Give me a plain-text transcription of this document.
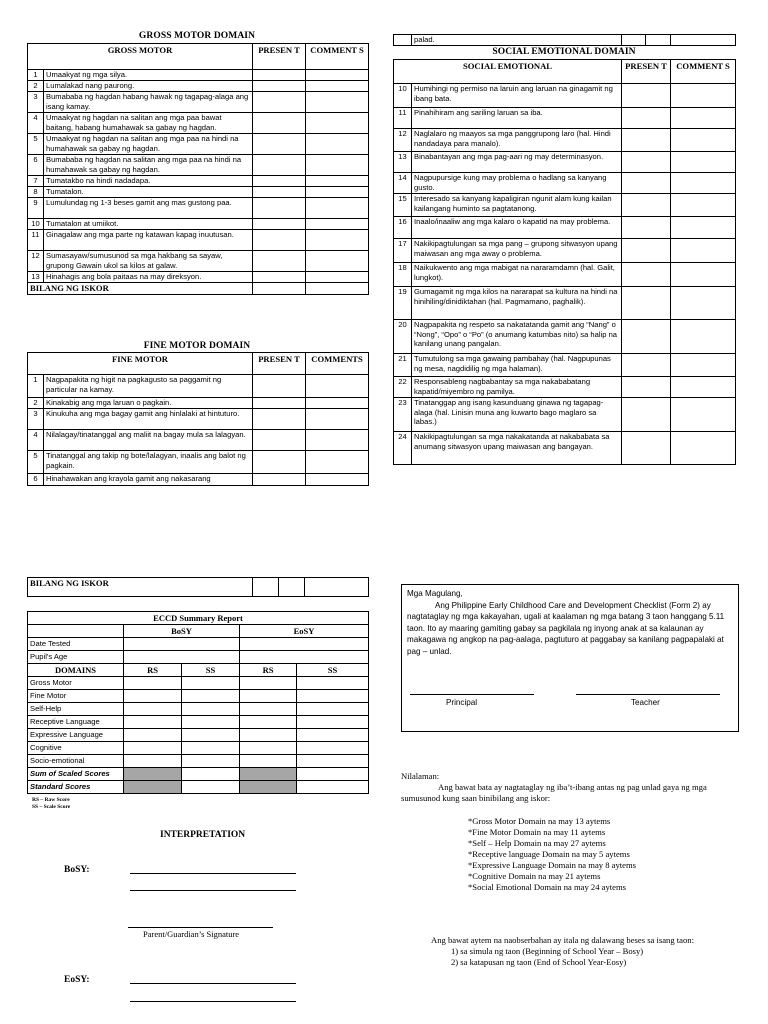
GROSS MOTOR DOMAIN
GROSS MOTOR		PRESEN T	COMMENT S
1	Umaakyat ng mga silya.	

2	Lumalakad nang paurong.	

3	Bumababa ng hagdan habang hawak ng tagapag-alaga ang isang kamay.	

4	Umaakyat ng hagdan na salitan ang mga paa bawat baitang, habang humahawak sa gabay ng hagdan.	

5	Umaakyat ng hagdan na salitan ang mga paa na hindi na humahawak sa gabay ng hagdan.	

6	Bumababa ng hagdan na salitan ang mga paa na hindi na humahawak sa gabay ng hagdan.	

7	Tumatakbo na hindi nadadapa.	

8	Tumatalon.	

9	Lumulundag ng 1-3 beses gamit ang mas gustong paa.	

10	Tumatalon at umiikot.	

11	Ginagalaw ang mga parte ng katawan kapag inuutusan.	

12	Sumasayaw/sumusunod sa mga hakbang sa sayaw, grupong Gawain ukol sa kilos at galaw.	

13	Hinahagis ang bola paitaas na may direksyon.	

BILANG NG ISKOR			
FINE MOTOR DOMAIN
FINE MOTOR		PRESEN T	COMMENTS
1	Nagpapakita ng higit na pagkagusto sa paggamit ng particular na kamay.		
2	Kinakabig ang mga laruan o pagkain.		
3	Kinukuha ang mga bagay gamit ang hinlalaki at hintuturo.		
4	Nilalagay/tinatanggal ang maliit na bagay mula sa lalagyan.		
5	Tinatanggal ang takip ng bote/lalagyan, inaalis ang balot ng pagkain.		
6	Hinahawakan ang krayola gamit ang nakasarang		
BILANG NG ISKOR			
ECCD Summary Report				
	BoSY		EoSY	
Date Tested				
Pupil's Age				
DOMAINS	RS	SS	RS	SS
Gross Motor				
Fine Motor				
Self-Help				
Receptive Language				
Expressive Language				
Cognitive				
Socio-emotional				
Sum of Scaled Scores				
Standard Scores				
RS – Raw Score
SS – Scale Score
INTERPRETATION
BoSY:
Parent/Guardian’s Signature
EoSY:
	palad.			
SOCIAL EMOTIONAL DOMAIN
SOCIAL EMOTIONAL		PRESEN T	COMMENT S
10	Humihingi ng permiso na laruin ang laruan na ginagamit ng ibang bata.		
11	Pinahihiram ang sariling laruan sa iba.		
12	Naglalaro ng maayos sa mga panggrupong laro (hal. Hindi nandadaya para manalo).		
13	Binabantayan ang mga pag-aari ng may determinasyon.		
14	Nagpupursige kung may problema o hadlang sa kanyang gusto.		
15	Interesado sa kanyang kapaligiran ngunit alam kung kailan kailangang huminto sa pagtatanong.		
16	Inaalo/inaaliw ang mga kalaro o kapatid na may problema.		
17	Nakikipagtulungan sa mga pang – grupong sitwasyon upang maiwasan ang mga away o problema.		
18	Naikukwento ang mga mabigat na nararamdamn (hal. Galit, lungkot).		
19	Gumagamit ng mga kilos na nararapat sa kultura na hindi na hinihiling/dinidiktahan (hal. Pagmamano, paghalik).		
20	Nagpapakita ng respeto sa nakatatanda gamit ang “Nang” o “Nong”, “Opo” o “Po” (o anumang katumbas nito) sa halip na kanilang unang pangalan.		
21	Tumutulong sa mga gawaing pambahay (hal. Nagpupunas ng mesa, nagdidilig ng mga halaman).		
22	Responsableng nagbabantay sa mga nakababatang kapatid/miyembro ng pamilya.		
23	Tinatanggap ang isang kasunduang ginawa ng tagapag-alaga (hal. Linisin muna ang kuwarto bago maglaro sa labas.)		
24	Nakikipagtulungan sa mga nakakatanda at nakababata sa anumang sitwasyon upang maiwasan ang bangayan.		

Mga Magulang,

Ang Philippine Early Childhood Care and Development Checklist (Form 2) ay nagtataglay ng mga kakayahan, ugali at kaalaman ng mga batang 3 taon hanggang 5.11 taon. Ito ay maaring gamiting gabay sa pagkilala ng inyong anak at sa kalaunan ay makagawa ng angkop na pag-aalaga, pagtuturo at paggabay sa kanilang pagpapalaki at pag – unlad.

Principal	Teacher
Nilalaman:
Ang bawat bata ay nagtataglay ng iba’t-ibang antas ng pag unlad gaya ng mga sumusunod kung saan binibilang ang iskor:
*Gross Motor Domain na may 13 aytems
*Fine Motor Domain na may 11 aytems
*Self – Help Domain na may 27 aytems
*Receptive language Domain na may 5 aytems
*Expressive Language Domain na may 8 aytems
*Cognitive Domain na may 21 aytems
*Social Emotional Domain na may 24 aytems
Ang bawat aytem na naobserbahan ay itala ng dalawang beses sa isang taon:
1) sa simula ng taon (Beginning of School Year – Bosy)
2) sa katapusan ng taon (End of School Year-Eosy)
